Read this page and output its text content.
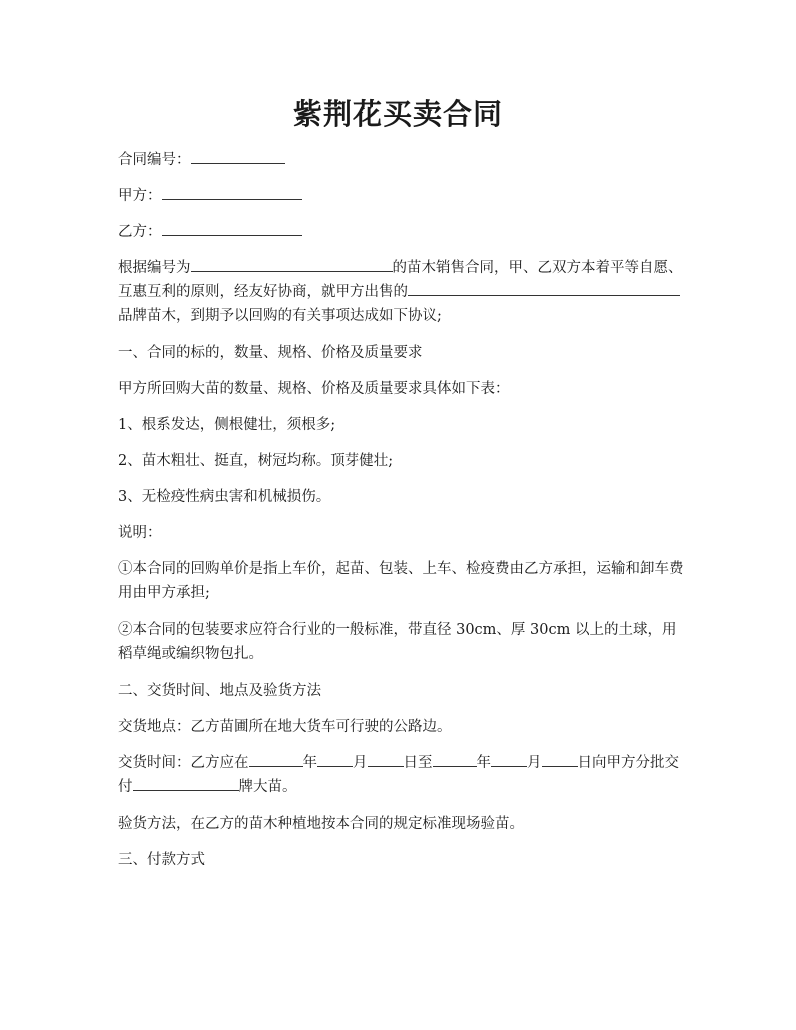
紫荆花买卖合同

合同编号：

甲方：

乙方：

根据编号为	的苗木销售合同，甲、乙双方本着平等自愿、互惠互利的原则，经友好协商，就甲方出售的品牌苗木，到期予以回购的有关事项达成如下协议;

一、合同的标的，数量、规格、价格及质量要求

甲方所回购大苗的数量、规格、价格及质量要求具体如下表：

1、根系发达，侧根健壮，须根多;

2、苗木粗壮、挺直，树冠均称。顶芽健壮;

3、无检疫性病虫害和机械损伤。

说明：

①本合同的回购单价是指上车价，起苗、包装、上车、检疫费由乙方承担，运输和卸车费用由甲方承担;

②本合同的包装要求应符合行业的一般标准，带直径 30cm、厚 30cm 以上的土球，用稻草绳或编织物包扎。

二、交货时间、地点及验货方法

交货地点：乙方苗圃所在地大货车可行驶的公路边。

交货时间：乙方应在	年 月 日至	年 月 日向甲方分批交付	牌大苗。

验货方法，在乙方的苗木种植地按本合同的规定标准现场验苗。

三、付款方式
